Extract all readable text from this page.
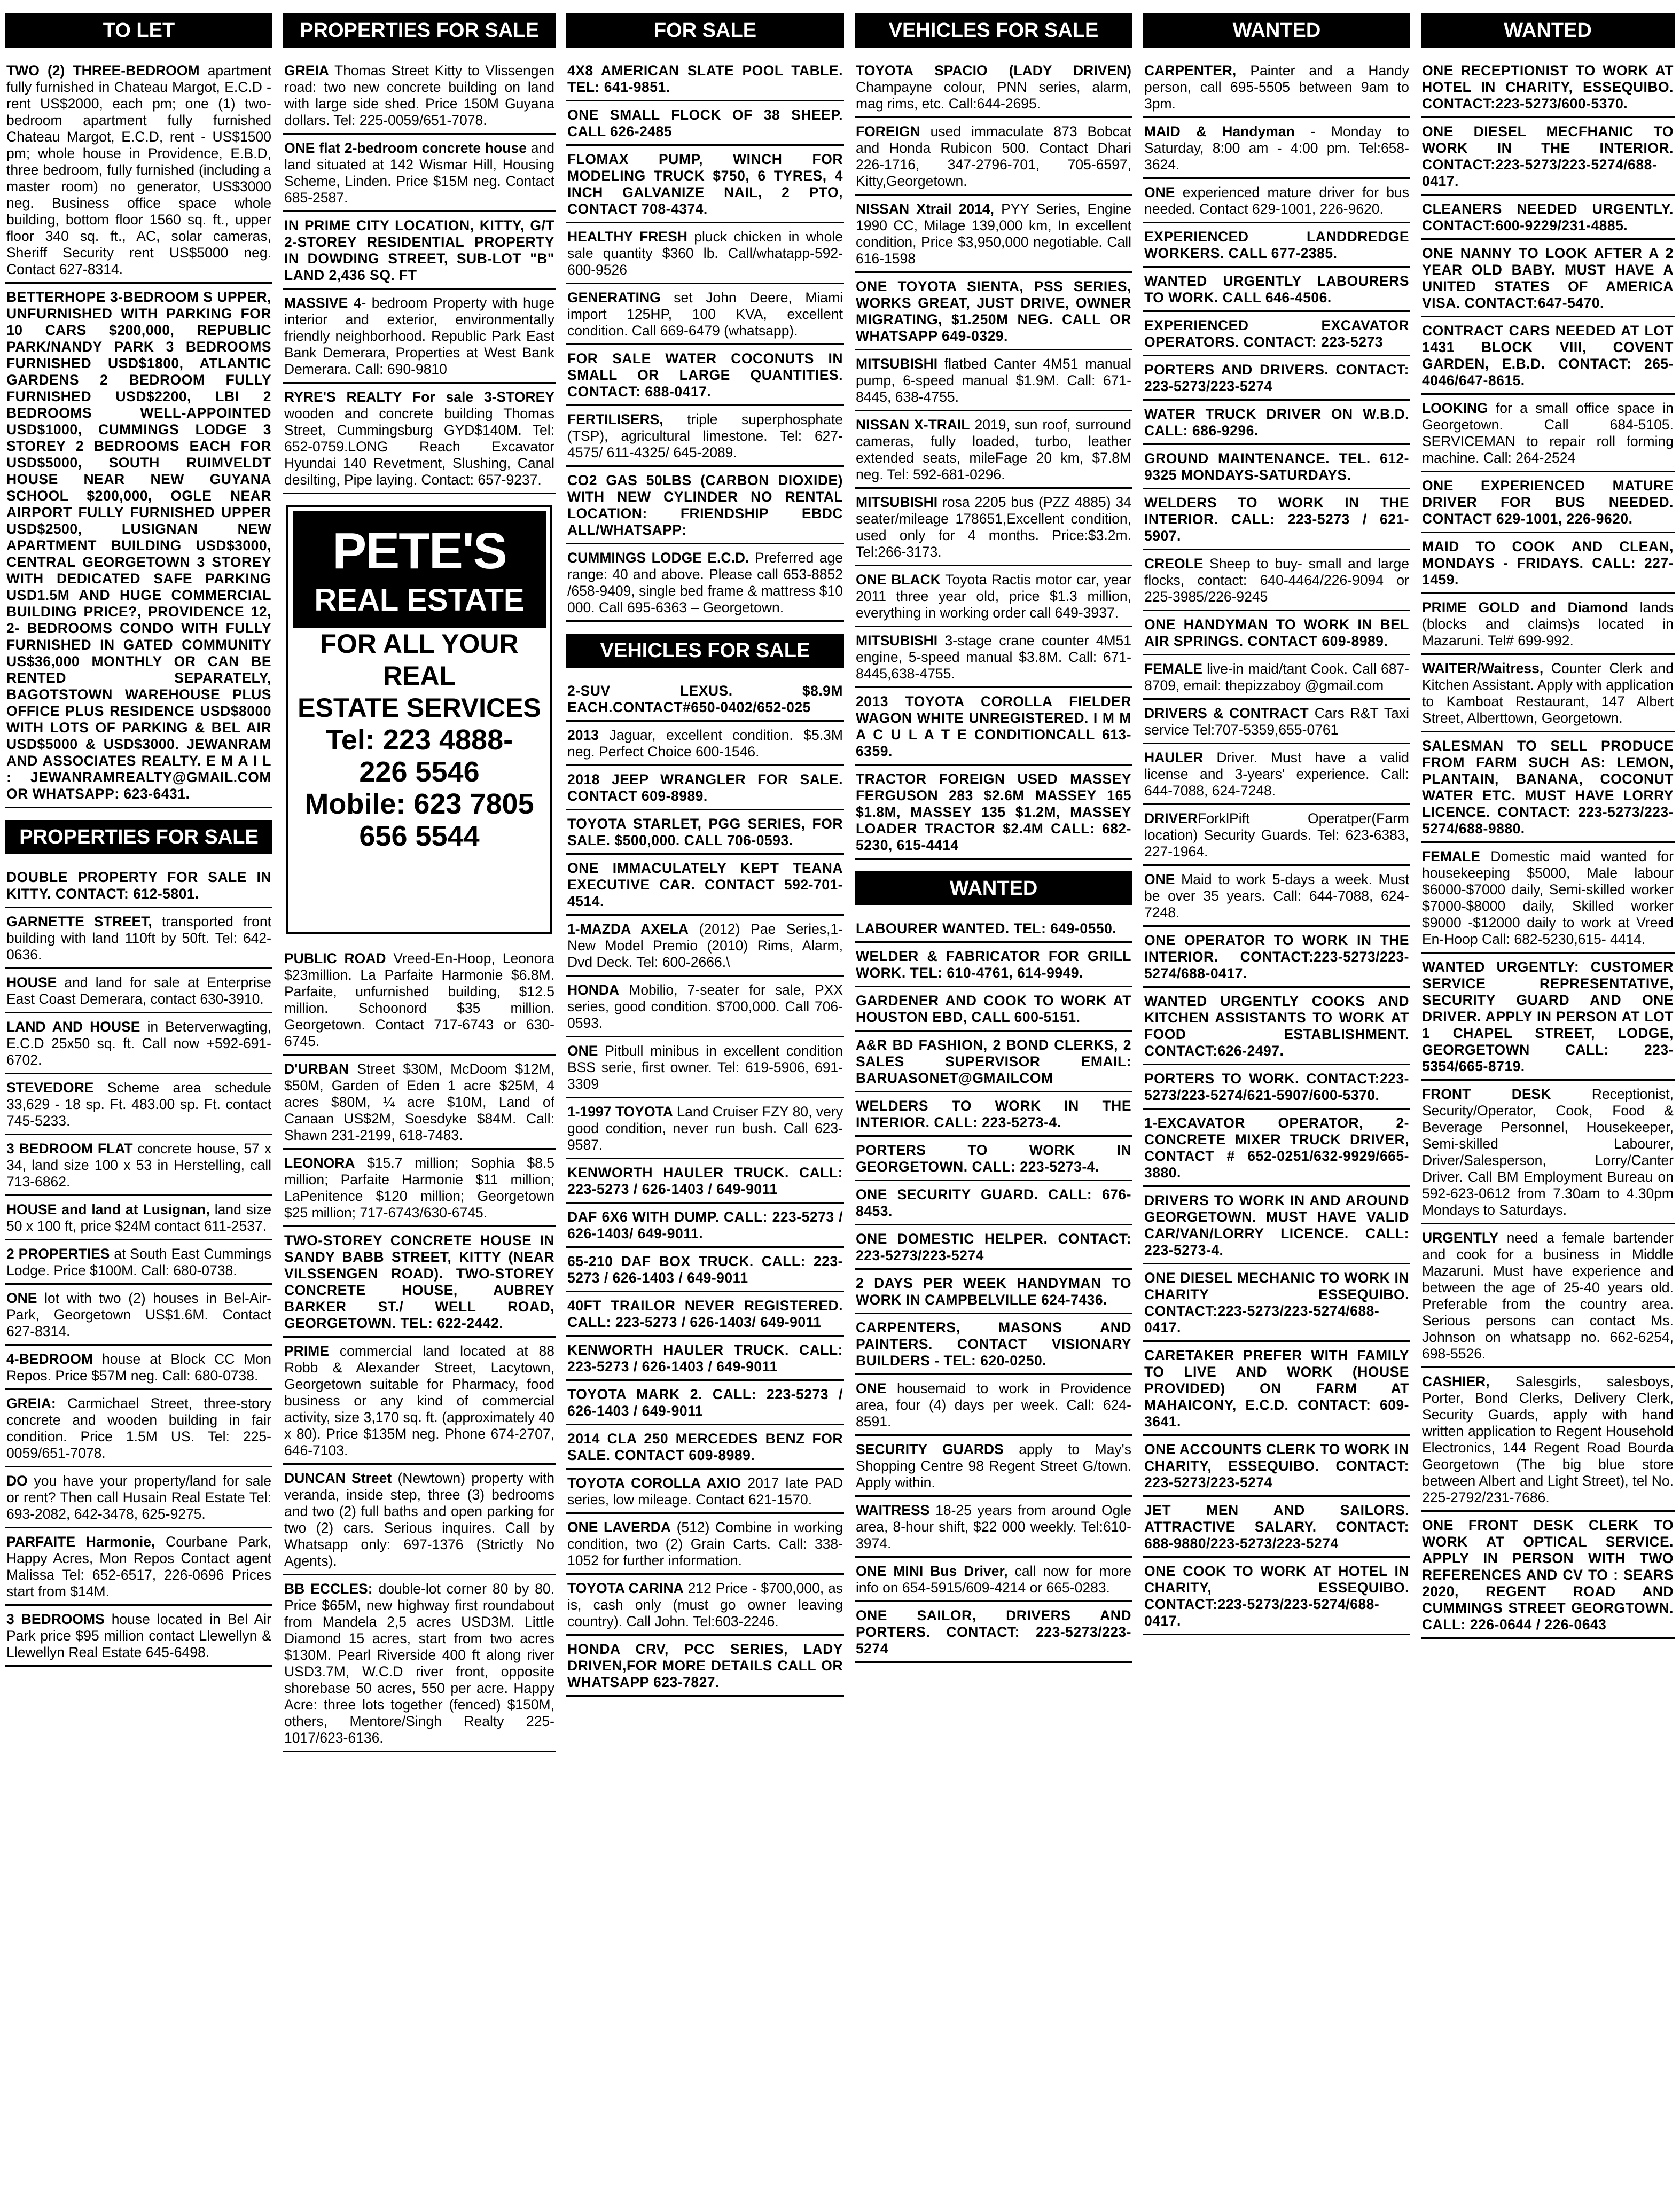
TO LET
TWO (2) THREE-BEDROOM apartment fully furnished in Chateau Margot, E.C.D - rent US$2000, each pm; one (1) two-bedroom apartment fully furnished Chateau Margot, E.C.D, rent - US$1500 pm; whole house in Providence, E.B.D, three bedroom, fully furnished (including a master room) no generator, US$3000 neg. Business office space whole building, bottom floor 1560 sq. ft., upper floor 340 sq. ft., AC, solar cameras, Sheriff Security rent US$5000 neg. Contact 627-8314.
BETTERHOPE 3-BEDROOM S UPPER, UNFURNISHED WITH PARKING FOR 10 CARS $200,000, REPUBLIC PARK/NANDY PARK 3 BEDROOMS FURNISHED USD$1800, ATLANTIC GARDENS 2 BEDROOM FULLY FURNISHED USD$2200, LBI 2 BEDROOMS WELL-APPOINTED USD$1000, CUMMINGS LODGE 3 STOREY 2 BEDROOMS EACH FOR USD$5000, SOUTH RUIMVELDT HOUSE NEAR NEW GUYANA SCHOOL $200,000, OGLE NEAR AIRPORT FULLY FURNISHED UPPER USD$2500, LUSIGNAN NEW APARTMENT BUILDING USD$3000, CENTRAL GEORGETOWN 3 STOREY WITH DEDICATED SAFE PARKING USD1.5M AND HUGE COMMERCIAL BUILDING PRICE?, PROVIDENCE 12, 2- BEDROOMS CONDO WITH FULLY FURNISHED IN GATED COMMUNITY US$36,000 MONTHLY OR CAN BE RENTED SEPARATELY, BAGOTSTOWN WAREHOUSE PLUS OFFICE PLUS RESIDENCE USD$8000 WITH LOTS OF PARKING & BEL AIR USD$5000 & USD$3000. JEWANRAM AND ASSOCIATES REALTY. E M A I L : JEWANRAMREALTY@GMAIL.COM OR WHATSAPP: 623-6431.
PROPERTIES FOR SALE
DOUBLE PROPERTY FOR SALE IN KITTY. CONTACT: 612-5801.
GARNETTE STREET, transported front building with land 110ft by 50ft. Tel: 642-0636.
HOUSE and land for sale at Enterprise East Coast Demerara, contact 630-3910.
LAND AND HOUSE in Beterverwagting, E.C.D 25x50 sq. ft. Call now +592-691-6702.
STEVEDORE Scheme area schedule 33,629 - 18 sp. Ft. 483.00 sp. Ft. contact 745-5233.
3 BEDROOM FLAT concrete house, 57 x 34, land size 100 x 53 in Herstelling, call 713-6862.
HOUSE and land at Lusignan, land size 50 x 100 ft, price $24M contact 611-2537.
2 PROPERTIES at South East Cummings Lodge. Price $100M. Call: 680-0738.
ONE lot with two (2) houses in Bel-Air-Park, Georgetown US$1.6M. Contact 627-8314.
4-BEDROOM house at Block CC Mon Repos. Price $57M neg. Call: 680-0738.
GREIA: Carmichael Street, three-story concrete and wooden building in fair condition. Price 1.5M US. Tel: 225-0059/651-7078.
DO you have your property/land for sale or rent? Then call Husain Real Estate Tel: 693-2082, 642-3478, 625-9275.
PARFAITE Harmonie, Courbane Park, Happy Acres, Mon Repos Contact agent Malissa Tel: 652-6517, 226-0696 Prices start from $14M.
3 BEDROOMS house located in Bel Air Park price $95 million contact Llewellyn & Llewellyn Real Estate 645-6498.
PROPERTIES FOR SALE
GREIA Thomas Street Kitty to Vlissengen road: two new concrete building on land with large side shed. Price 150M Guyana dollars. Tel: 225-0059/651-7078.
ONE flat 2-bedroom concrete house and land situated at 142 Wismar Hill, Housing Scheme, Linden. Price $15M neg. Contact 685-2587.
IN PRIME CITY LOCATION, KITTY, G/T 2-STOREY RESIDENTIAL PROPERTY IN DOWDING STREET, SUB-LOT "B" LAND 2,436 SQ. FT
MASSIVE 4- bedroom Property with huge interior and exterior, environmentally friendly neighborhood. Republic Park East Bank Demerara, Properties at West Bank Demerara. Call: 690-9810
RYRE'S REALTY For sale 3-STOREY wooden and concrete building Thomas Street, Cummingsburg GYD$140M. Tel: 652-0759.LONG Reach Excavator Hyundai 140 Revetment, Slushing, Canal desilting, Pipe laying. Contact: 657-9237.
PETE'S
REAL ESTATE
FOR ALL YOUR REAL
ESTATE SERVICES
Tel: 223 4888-
226 5546
Mobile: 623 7805
656 5544
PUBLIC ROAD Vreed-En-Hoop, Leonora $23million. La Parfaite Harmonie $6.8M. Parfaite, unfurnished building, $12.5 million. Schoonord $35 million. Georgetown. Contact 717-6743 or 630-6745.
D'URBAN Street $30M, McDoom $12M, $50M, Garden of Eden 1 acre $25M, 4 acres $80M, ¼ acre $10M, Land of Canaan US$2M, Soesdyke $84M. Call: Shawn 231-2199, 618-7483.
LEONORA $15.7 million; Sophia $8.5 million; Parfaite Harmonie $11 million; LaPenitence $120 million; Georgetown $25 million; 717-6743/630-6745.
TWO-STOREY CONCRETE HOUSE IN SANDY BABB STREET, KITTY (NEAR VILSSENGEN ROAD). TWO-STOREY CONCRETE HOUSE, AUBREY BARKER ST./ WELL ROAD, GEORGETOWN. TEL: 622-2442.
PRIME commercial land located at 88 Robb & Alexander Street, Lacytown, Georgetown suitable for Pharmacy, food business or any kind of commercial activity, size 3,170 sq. ft. (approximately 40 x 80). Price $135M neg. Phone 674-2707, 646-7103.
DUNCAN Street (Newtown) property with veranda, inside step, three (3) bedrooms and two (2) full baths and open parking for two (2) cars. Serious inquires. Call by Whatsapp only: 697-1376 (Strictly No Agents).
BB ECCLES: double-lot corner 80 by 80. Price $65M, new highway first roundabout from Mandela 2,5 acres USD3M. Little Diamond 15 acres, start from two acres $130M. Pearl Riverside 400 ft along river USD3.7M, W.C.D river front, opposite shorebase 50 acres, 550 per acre. Happy Acre: three lots together (fenced) $150M, others, Mentore/Singh Realty 225-1017/623-6136.
FOR SALE
4X8 AMERICAN SLATE POOL TABLE. TEL: 641-9851.
ONE SMALL FLOCK OF 38 SHEEP. CALL 626-2485
FLOMAX PUMP, WINCH FOR MODELING TRUCK $750, 6 TYRES, 4 INCH GALVANIZE NAIL, 2 PTO, CONTACT 708-4374.
HEALTHY FRESH pluck chicken in whole sale quantity $360 lb. Call/whatapp-592-600-9526
GENERATING set John Deere, Miami import 125HP, 100 KVA, excellent condition. Call 669-6479 (whatsapp).
FOR SALE WATER COCONUTS IN SMALL OR LARGE QUANTITIES. CONTACT: 688-0417.
FERTILISERS, triple superphosphate (TSP), agricultural limestone. Tel: 627-4575/ 611-4325/ 645-2089.
CO2 GAS 50LBS (CARBON DIOXIDE) WITH NEW CYLINDER NO RENTAL LOCATION: FRIENDSHIP EBDC ALL/WHATSAPP:
CUMMINGS LODGE E.C.D. Preferred age range: 40 and above. Please call 653-8852 /658-9409, single bed frame & mattress $10 000. Call 695-6363 – Georgetown.
VEHICLES FOR SALE
2-SUV LEXUS. $8.9M EACH.CONTACT#650-0402/652-025
2013 Jaguar, excellent condition. $5.3M neg. Perfect Choice 600-1546.
2018 JEEP WRANGLER FOR SALE. CONTACT 609-8989.
TOYOTA STARLET, PGG SERIES, FOR SALE. $500,000. CALL 706-0593.
ONE IMMACULATELY KEPT TEANA EXECUTIVE CAR. CONTACT 592-701-4514.
1-MAZDA AXELA (2012) Pae Series,1- New Model Premio (2010) Rims, Alarm, Dvd Deck. Tel: 600-2666.\
HONDA Mobilio, 7-seater for sale, PXX series, good condition. $700,000. Call 706-0593.
ONE Pitbull minibus in excellent condition BSS serie, first owner. Tel: 619-5906, 691-3309
1-1997 TOYOTA Land Cruiser FZY 80, very good condition, never run bush. Call 623-9587.
KENWORTH HAULER TRUCK. CALL: 223-5273 / 626-1403 / 649-9011
DAF 6X6 WITH DUMP. CALL: 223-5273 / 626-1403/ 649-9011.
65-210 DAF BOX TRUCK. CALL: 223-5273 / 626-1403 / 649-9011
40FT TRAILOR NEVER REGISTERED. CALL: 223-5273 / 626-1403/ 649-9011
KENWORTH HAULER TRUCK. CALL: 223-5273 / 626-1403 / 649-9011
TOYOTA MARK 2. CALL: 223-5273 / 626-1403 / 649-9011
2014 CLA 250 MERCEDES BENZ FOR SALE. CONTACT 609-8989.
TOYOTA COROLLA AXIO 2017 late PAD series, low mileage. Contact 621-1570.
ONE LAVERDA (512) Combine in working condition, two (2) Grain Carts. Call: 338-1052 for further information.
TOYOTA CARINA 212 Price - $700,000, as is, cash only (must go owner leaving country). Call John. Tel:603-2246.
HONDA CRV, PCC SERIES, LADY DRIVEN,FOR MORE DETAILS CALL OR WHATSAPP 623-7827.
VEHICLES FOR SALE
TOYOTA SPACIO (LADY DRIVEN) Champayne colour, PNN series, alarm, mag rims, etc. Call:644-2695.
FOREIGN used immaculate 873 Bobcat and Honda Rubicon 500. Contact Dhari 226-1716, 347-2796-701, 705-6597, Kitty,Georgetown.
NISSAN Xtrail 2014, PYY Series, Engine 1990 CC, Milage 139,000 km, In excellent condition, Price $3,950,000 negotiable. Call 616-1598
ONE TOYOTA SIENTA, PSS SERIES, WORKS GREAT, JUST DRIVE, OWNER MIGRATING, $1.250M NEG. CALL OR WHATSAPP 649-0329.
MITSUBISHI flatbed Canter 4M51 manual pump, 6-speed manual $1.9M. Call: 671-8445, 638-4755.
NISSAN X-TRAIL 2019, sun roof, surround cameras, fully loaded, turbo, leather extended seats, mileFage 20 km, $7.8M neg. Tel: 592-681-0296.
MITSUBISHI rosa 2205 bus (PZZ 4885) 34 seater/mileage 178651,Excellent condition, used only for 4 months. Price:$3.2m. Tel:266-3173.
ONE BLACK Toyota Ractis motor car, year 2011 three year old, price $1.3 million, everything in working order call 649-3937.
MITSUBISHI 3-stage crane counter 4M51 engine, 5-speed manual $3.8M. Call: 671-8445,638-4755.
2013 TOYOTA COROLLA FIELDER WAGON WHITE UNREGISTERED. I M M A C U L A T E CONDITIONCALL 613-6359.
TRACTOR FOREIGN USED MASSEY FERGUSON 283 $2.6M MASSEY 165 $1.8M, MASSEY 135 $1.2M, MASSEY LOADER TRACTOR $2.4M CALL: 682-5230, 615-4414
WANTED
LABOURER WANTED. TEL: 649-0550.
WELDER & FABRICATOR FOR GRILL WORK. TEL: 610-4761, 614-9949.
GARDENER AND COOK TO WORK AT HOUSTON EBD, CALL 600-5151.
A&R BD FASHION, 2 BOND CLERKS, 2 SALES SUPERVISOR EMAIL: BARUASONET@GMAILCOM
WELDERS TO WORK IN THE INTERIOR. CALL: 223-5273-4.
PORTERS TO WORK IN GEORGETOWN. CALL: 223-5273-4.
ONE SECURITY GUARD. CALL: 676-8453.
ONE DOMESTIC HELPER. CONTACT: 223-5273/223-5274
2 DAYS PER WEEK HANDYMAN TO WORK IN CAMPBELVILLE 624-7436.
CARPENTERS, MASONS AND PAINTERS. CONTACT VISIONARY BUILDERS - TEL: 620-0250.
ONE housemaid to work in Providence area, four (4) days per week. Call: 624-8591.
SECURITY GUARDS apply to May's Shopping Centre 98 Regent Street G/town. Apply within.
WAITRESS 18-25 years from around Ogle area, 8-hour shift, $22 000 weekly. Tel:610-3974.
ONE MINI Bus Driver, call now for more info on 654-5915/609-4214 or 665-0283.
ONE SAILOR, DRIVERS AND PORTERS. CONTACT: 223-5273/223-5274
WANTED
CARPENTER, Painter and a Handy person, call 695-5505 between 9am to 3pm.
MAID & Handyman - Monday to Saturday, 8:00 am - 4:00 pm. Tel:658-3624.
ONE experienced mature driver for bus needed. Contact 629-1001, 226-9620.
EXPERIENCED LANDDREDGE WORKERS. CALL 677-2385.
WANTED URGENTLY LABOURERS TO WORK. CALL 646-4506.
EXPERIENCED EXCAVATOR OPERATORS. CONTACT: 223-5273
PORTERS AND DRIVERS. CONTACT: 223-5273/223-5274
WATER TRUCK DRIVER ON W.B.D. CALL: 686-9296.
GROUND MAINTENANCE. TEL. 612-9325 MONDAYS-SATURDAYS.
WELDERS TO WORK IN THE INTERIOR. CALL: 223-5273 / 621-5907.
CREOLE Sheep to buy- small and large flocks, contact: 640-4464/226-9094 or 225-3985/226-9245
ONE HANDYMAN TO WORK IN BEL AIR SPRINGS. CONTACT 609-8989.
FEMALE live-in maid/tant Cook. Call 687-8709, email: thepizzaboy @gmail.com
DRIVERS & CONTRACT Cars R&T Taxi service Tel:707-5359,655-0761
HAULER Driver. Must have a valid license and 3-years' experience. Call: 644-7088, 624-7248.
DRIVERForklPift Operatper(Farm location) Security Guards. Tel: 623-6383, 227-1964.
ONE Maid to work 5-days a week. Must be over 35 years. Call: 644-7088, 624-7248.
ONE OPERATOR TO WORK IN THE INTERIOR. CONTACT:223-5273/223-5274/688-0417.
WANTED URGENTLY COOKS AND KITCHEN ASSISTANTS TO WORK AT FOOD ESTABLISHMENT. CONTACT:626-2497.
PORTERS TO WORK. CONTACT:223-5273/223-5274/621-5907/600-5370.
1-EXCAVATOR OPERATOR, 2- CONCRETE MIXER TRUCK DRIVER, CONTACT # 652-0251/632-9929/665-3880.
DRIVERS TO WORK IN AND AROUND GEORGETOWN. MUST HAVE VALID CAR/VAN/LORRY LICENCE. CALL: 223-5273-4.
ONE DIESEL MECHANIC TO WORK IN CHARITY ESSEQUIBO. CONTACT:223-5273/223-5274/688-0417.
CARETAKER PREFER WITH FAMILY TO LIVE AND WORK (HOUSE PROVIDED) ON FARM AT MAHAICONY, E.C.D. CONTACT: 609-3641.
ONE ACCOUNTS CLERK TO WORK IN CHARITY, ESSEQUIBO. CONTACT: 223-5273/223-5274
JET MEN AND SAILORS. ATTRACTIVE SALARY. CONTACT: 688-9880/223-5273/223-5274
ONE COOK TO WORK AT HOTEL IN CHARITY, ESSEQUIBO. CONTACT:223-5273/223-5274/688-0417.
WANTED
ONE RECEPTIONIST TO WORK AT HOTEL IN CHARITY, ESSEQUIBO. CONTACT:223-5273/600-5370.
ONE DIESEL MECFHANIC TO WORK IN THE INTERIOR. CONTACT:223-5273/223-5274/688-0417.
CLEANERS NEEDED URGENTLY. CONTACT:600-9229/231-4885.
ONE NANNY TO LOOK AFTER A 2 YEAR OLD BABY. MUST HAVE A UNITED STATES OF AMERICA VISA. CONTACT:647-5470.
CONTRACT CARS NEEDED AT LOT 1431 BLOCK VIII, COVENT GARDEN, E.B.D. CONTACT: 265-4046/647-8615.
LOOKING for a small office space in Georgetown. Call 684-5105. SERVICEMAN to repair roll forming machine. Call: 264-2524
ONE EXPERIENCED MATURE DRIVER FOR BUS NEEDED. CONTACT 629-1001, 226-9620.
MAID TO COOK AND CLEAN, MONDAYS - FRIDAYS. CALL: 227-1459.
PRIME GOLD and Diamond lands (blocks and claims)s located in Mazaruni. Tel# 699-992.
WAITER/Waitress, Counter Clerk and Kitchen Assistant. Apply with application to Kamboat Restaurant, 147 Albert Street, Alberttown, Georgetown.
SALESMAN TO SELL PRODUCE FROM FARM SUCH AS: LEMON, PLANTAIN, BANANA, COCONUT WATER ETC. MUST HAVE LORRY LICENCE. CONTACT: 223-5273/223-5274/688-9880.
FEMALE Domestic maid wanted for housekeeping $5000, Male labour $6000-$7000 daily, Semi-skilled worker $7000-$8000 daily, Skilled worker $9000 -$12000 daily to work at Vreed En-Hoop Call: 682-5230,615- 4414.
WANTED URGENTLY: CUSTOMER SERVICE REPRESENTATIVE, SECURITY GUARD AND ONE DRIVER. APPLY IN PERSON AT LOT 1 CHAPEL STREET, LODGE, GEORGETOWN CALL: 223-5354/665-8719.
FRONT DESK Receptionist, Security/Operator, Cook, Food & Beverage Personnel, Housekeeper, Semi-skilled Labourer, Driver/Salesperson, Lorry/Canter Driver. Call BM Employment Bureau on 592-623-0612 from 7.30am to 4.30pm Mondays to Saturdays.
URGENTLY need a female bartender and cook for a business in Middle Mazaruni. Must have experience and between the age of 25-40 years old. Preferable from the country area. Serious persons can contact Ms. Johnson on whatsapp no. 662-6254, 698-5526.
CASHIER, Salesgirls, salesboys, Porter, Bond Clerks, Delivery Clerk, Security Guards, apply with hand written application to Regent Household Electronics, 144 Regent Road Bourda Georgetown (The big blue store between Albert and Light Street), tel No. 225-2792/231-7686.
ONE FRONT DESK CLERK TO WORK AT OPTICAL SERVICE. APPLY IN PERSON WITH TWO REFERENCES AND CV TO : SEARS 2020, REGENT ROAD AND CUMMINGS STREET GEORGTOWN. CALL: 226-0644 / 226-0643
